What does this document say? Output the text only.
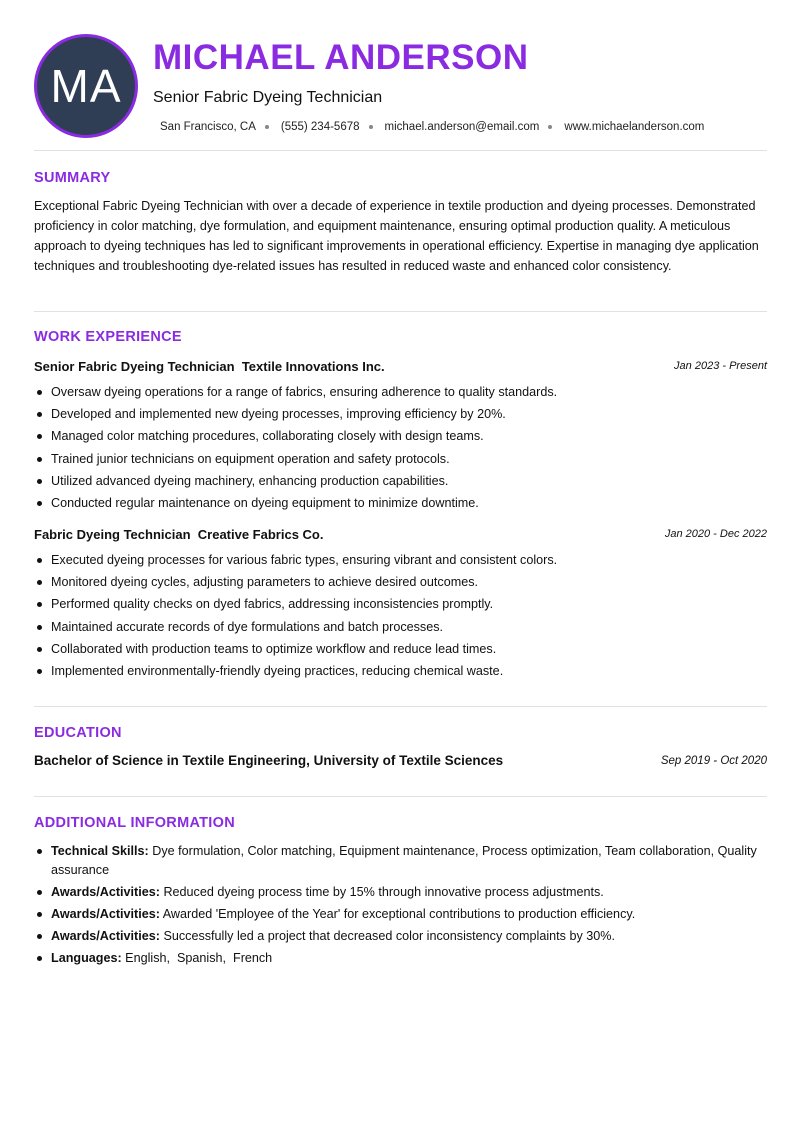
MA
MICHAEL ANDERSON
Senior Fabric Dyeing Technician
San Francisco, CA (555) 234-5678 michael.anderson@email.com www.michaelanderson.com
SUMMARY

Exceptional Fabric Dyeing Technician with over a decade of experience in textile production and dyeing processes. Demonstrated proficiency in color matching, dye formulation, and equipment maintenance, ensuring optimal production quality. A meticulous approach to dyeing techniques has led to significant improvements in operational efficiency. Expertise in managing dye application techniques and troubleshooting dye-related issues has resulted in reduced waste and enhanced color consistency.

WORK EXPERIENCE
Senior Fabric Dyeing Technician Textile Innovations Inc.	Jan 2023 - Present
Oversaw dyeing operations for a range of fabrics, ensuring adherence to quality standards.
Developed and implemented new dyeing processes, improving efficiency by 20%.
Managed color matching procedures, collaborating closely with design teams.
Trained junior technicians on equipment operation and safety protocols.
Utilized advanced dyeing machinery, enhancing production capabilities.
Conducted regular maintenance on dyeing equipment to minimize downtime.
Fabric Dyeing Technician Creative Fabrics Co.	Jan 2020 - Dec 2022
Executed dyeing processes for various fabric types, ensuring vibrant and consistent colors.
Monitored dyeing cycles, adjusting parameters to achieve desired outcomes.
Performed quality checks on dyed fabrics, addressing inconsistencies promptly.
Maintained accurate records of dye formulations and batch processes.
Collaborated with production teams to optimize workflow and reduce lead times.
Implemented environmentally-friendly dyeing practices, reducing chemical waste.
EDUCATION
Bachelor of Science in Textile Engineering, University of Textile Sciences	Sep 2019 - Oct 2020
ADDITIONAL INFORMATION
Technical Skills: Dye formulation, Color matching, Equipment maintenance, Process optimization, Team collaboration, Quality assurance
Awards/Activities: Reduced dyeing process time by 15% through innovative process adjustments.
Awards/Activities: Awarded 'Employee of the Year' for exceptional contributions to production efficiency.
Awards/Activities: Successfully led a project that decreased color inconsistency complaints by 30%.
Languages: English,  Spanish,  French
